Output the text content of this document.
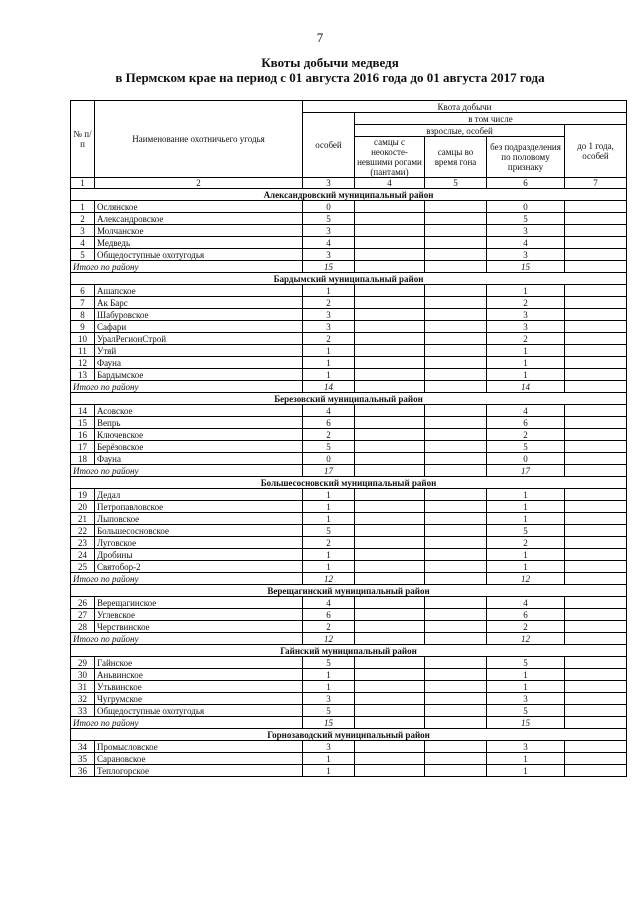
7
Квоты добычи медведя
в Пермском крае на период с 01 августа 2016 года до 01 августа 2017 года
№ п/п	Наименование охотничьего угодья	Квота добычи				
		особей	в том числе			
			взрослые, особей			до 1 года, особей
			самцы с неокосте-невшими рогами (пантами)	самцы во время гона	без подразделения по половому признаку	
1	2	3	4	5	6	7
Александровский муниципальный район						
1	Ослянское	0			0	
2	Александровское	5			5	
3	Молчанское	3			3	
4	Медведь	4			4	
5	Общедоступные охотугодья	3			3	
Итого по району		15			15	
Бардымский муниципальный район						
6	Ашапское	1			1	
7	Ак Барс	2			2	
8	Шабуровское	3			3	
9	Сафари	3			3	
10	УралРегионСтрой	2			2	
11	Утяй	1			1	
12	Фауна	1			1	
13	Бардымское	1			1	
Итого по району		14			14	
Березовский муниципальный район						
14	Асовское	4			4	
15	Вепрь	6			6	
16	Ключевское	2			2	
17	Берёзовское	5			5	
18	Фауна	0			0	
Итого по району		17			17	
Большесосновский муниципальный район						
19	Дедал	1			1	
20	Петропавловское	1			1	
21	Лыповское	1			1	
22	Большесосновское	5			5	
23	Луговское	2			2	
24	Дробины	1			1	
25	Святобор-2	1			1	
Итого по району		12			12	
Верещагинский муниципальный район						
26	Верещагинское	4			4	
27	Углевское	6			6	
28	Черствинское	2			2	
Итого по району		12			12	
Гайнский муниципальный район						
29	Гайнское	5			5	
30	Аньвинское	1			1	
31	Утьвинское	1			1	
32	Чугрумское	3			3	
33	Общедоступные охотугодья	5			5	
Итого по району		15			15	
Горнозаводский муниципальный район						
34	Промысловское	3			3	
35	Сарановское	1			1	
36	Теплогорское	1			1	
